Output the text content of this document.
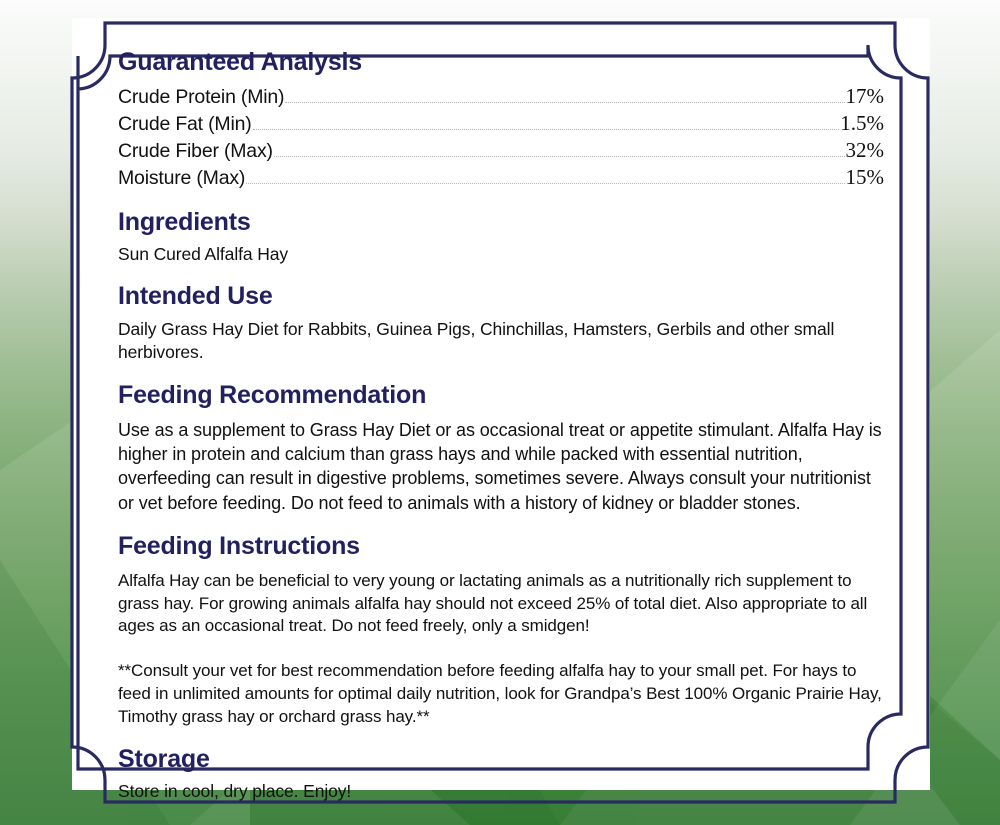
Guaranteed Analysis
Crude Protein (Min)	17%
Crude Fat (Min)	1.5%
Crude Fiber (Max)	32%
Moisture (Max)	15%
Ingredients

Sun Cured Alfalfa Hay

Intended Use

Daily Grass Hay Diet for Rabbits, Guinea Pigs, Chinchillas, Hamsters, Gerbils and other small herbivores.

Feeding Recommendation

Use as a supplement to Grass Hay Diet or as occasional treat or appetite stimulant. Alfalfa Hay is higher in protein and calcium than grass hays and while packed with essential nutrition, overfeeding can result in digestive problems, sometimes severe. Always consult your nutritionist or vet before feeding. Do not feed to animals with a history of kidney or bladder stones.

Feeding Instructions

Alfalfa Hay can be beneficial to very young or lactating animals as a nutritionally rich supplement to grass hay. For growing animals alfalfa hay should not exceed 25% of total diet. Also appropriate to all ages as an occasional treat. Do not feed freely, only a smidgen!

**Consult your vet for best recommendation before feeding alfalfa hay to your small pet. For hays to feed in unlimited amounts for optimal daily nutrition, look for Grandpa’s Best 100% Organic Prairie Hay, Timothy grass hay or orchard grass hay.**

Storage

Store in cool, dry place. Enjoy!
